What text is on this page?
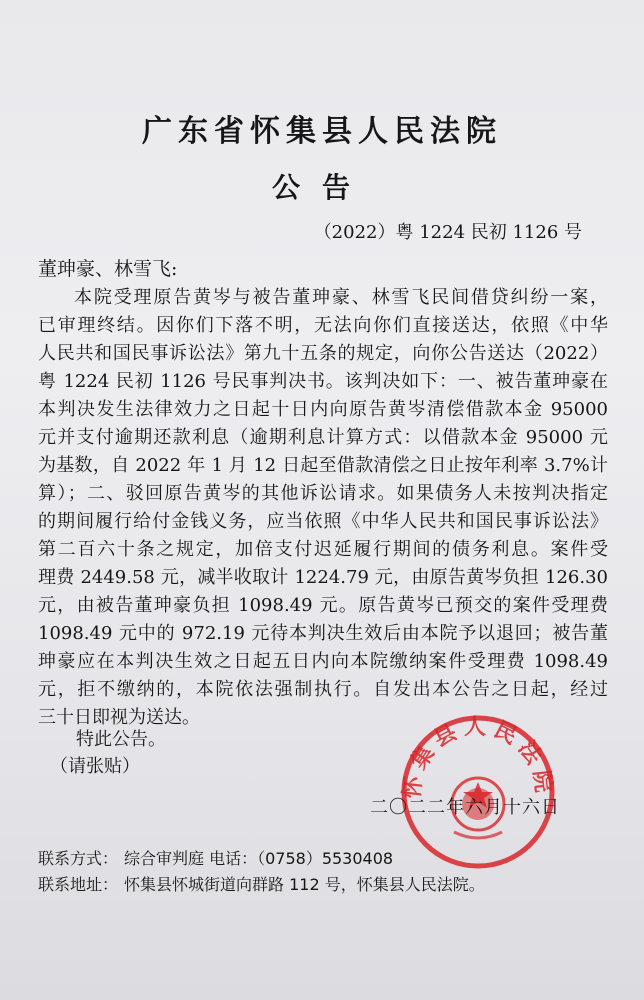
广东省怀集县人民法院
公告
（2022）粤 1224 民初 1126 号
董珅豪、林雪飞:
本院受理原告黄岑与被告董珅豪、林雪飞民间借贷纠纷一案，
已审理终结。因你们下落不明，无法向你们直接送达，依照《中华
人民共和国民事诉讼法》第九十五条的规定，向你公告送达（2022）
粤 1224 民初 1126 号民事判决书。该判决如下：一、被告董珅豪在
本判决发生法律效力之日起十日内向原告黄岑清偿借款本金 95000
元并支付逾期还款利息（逾期利息计算方式：以借款本金 95000 元
为基数，自 2022 年 1 月 12 日起至借款清偿之日止按年利率 3.7%计
算）；二、驳回原告黄岑的其他诉讼请求。如果债务人未按判决指定
的期间履行给付金钱义务，应当依照《中华人民共和国民事诉讼法》
第二百六十条之规定，加倍支付迟延履行期间的债务利息。案件受
理费 2449.58 元，减半收取计 1224.79 元，由原告黄岑负担 126.30
元，由被告董珅豪负担 1098.49 元。原告黄岑已预交的案件受理费
1098.49 元中的 972.19 元待本判决生效后由本院予以退回；被告董
珅豪应在本判决生效之日起五日内向本院缴纳案件受理费 1098.49
元，拒不缴纳的，本院依法强制执行。自发出本公告之日起，经过
三十日即视为送达。
特此公告。
（请张贴）
怀集县人民法院
二〇二二年六月十六日
联系方式： 综合审判庭 电话：（0758）5530408
联系地址： 怀集县怀城街道向群路 112 号，怀集县人民法院。
